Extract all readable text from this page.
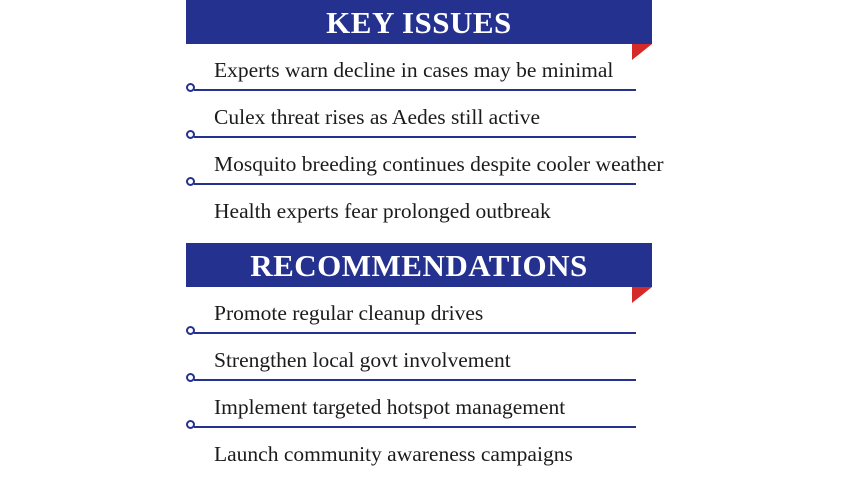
KEY ISSUES
Experts warn decline in cases may be minimal
Culex threat rises as Aedes still active
Mosquito breeding continues despite cooler weather
Health experts fear prolonged outbreak
RECOMMENDATIONS
Promote regular cleanup drives
Strengthen local govt involvement
Implement targeted hotspot management
Launch community awareness campaigns
